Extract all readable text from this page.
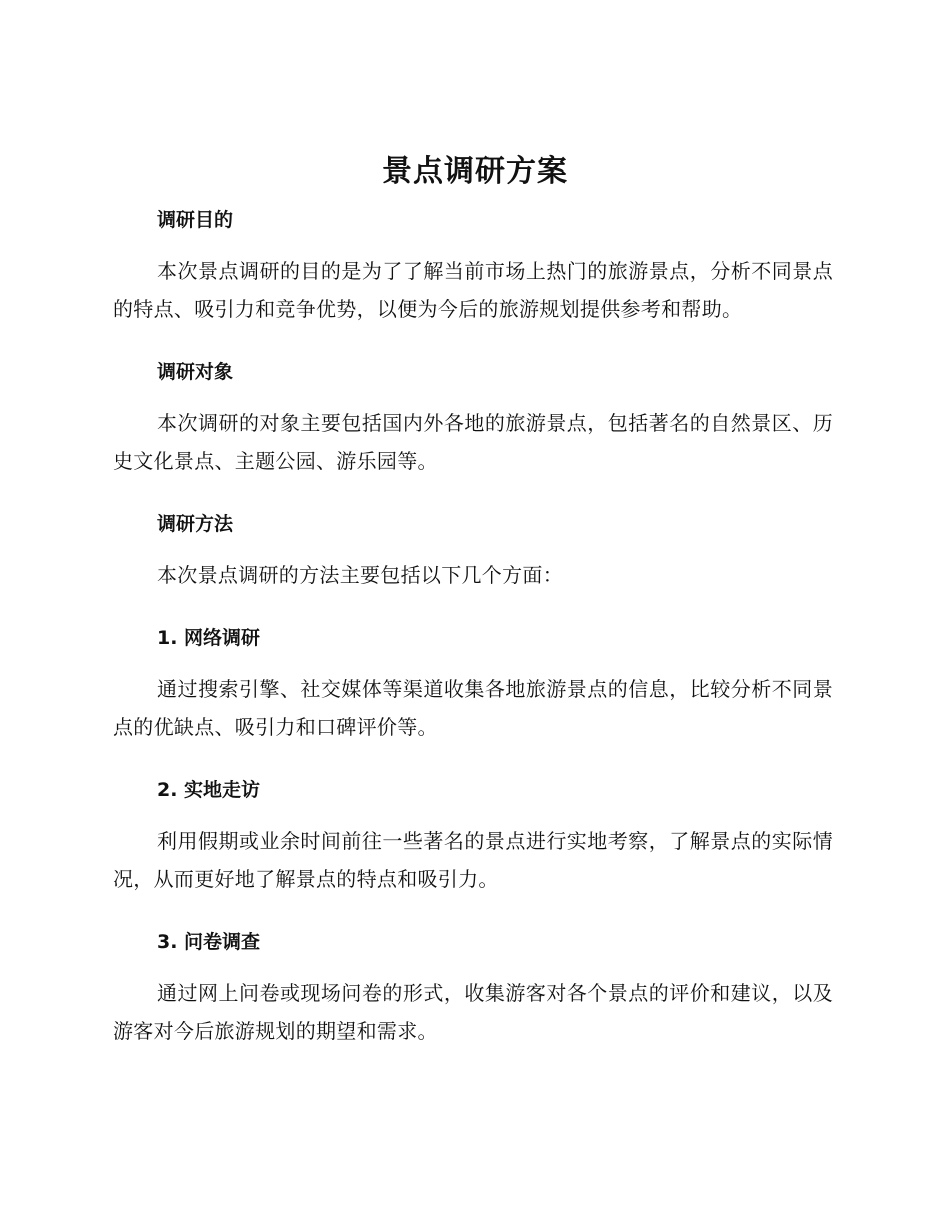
景点调研方案
调研目的

本次景点调研的目的是为了了解当前市场上热门的旅游景点，分析不同景点的特点、吸引力和竞争优势，以便为今后的旅游规划提供参考和帮助。

调研对象

本次调研的对象主要包括国内外各地的旅游景点，包括著名的自然景区、历史文化景点、主题公园、游乐园等。

调研方法

本次景点调研的方法主要包括以下几个方面：

1. 网络调研

通过搜索引擎、社交媒体等渠道收集各地旅游景点的信息，比较分析不同景点的优缺点、吸引力和口碑评价等。

2. 实地走访

利用假期或业余时间前往一些著名的景点进行实地考察，了解景点的实际情况，从而更好地了解景点的特点和吸引力。

3. 问卷调查

通过网上问卷或现场问卷的形式，收集游客对各个景点的评价和建议，以及游客对今后旅游规划的期望和需求。
